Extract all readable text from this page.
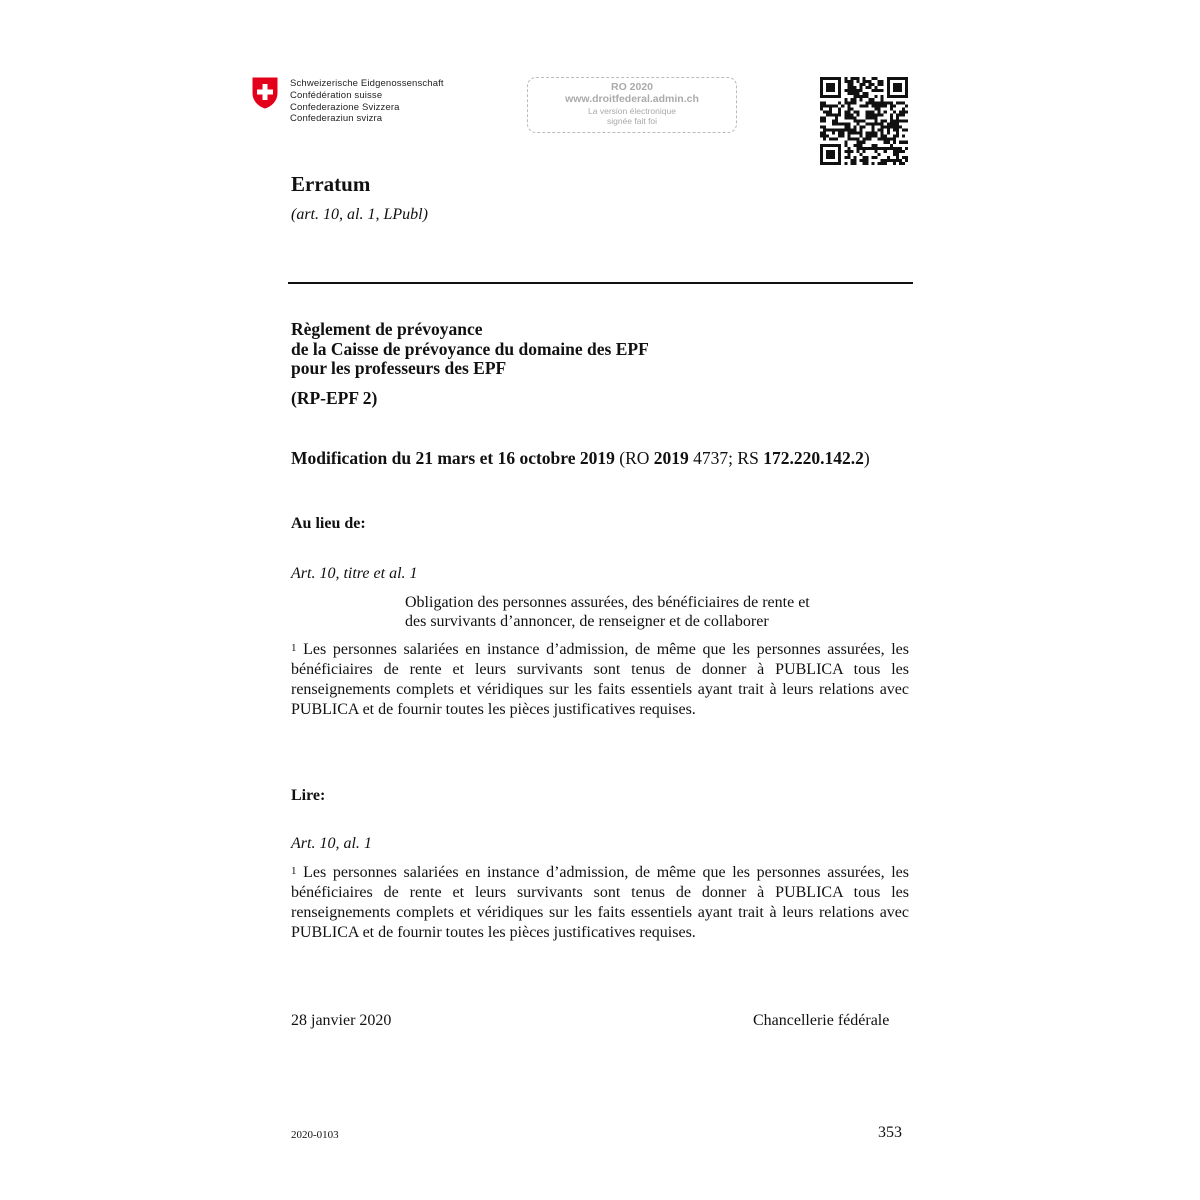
Schweizerische Eidgenossenschaft
Confédération suisse
Confederazione Svizzera
Confederaziun svizra
RO 2020
www.droitfederal.admin.ch
La version électronique
signée fait foi
Erratum
(art. 10, al. 1, LPubl)
Règlement de prévoyance
de la Caisse de prévoyance du domaine des EPF
pour les professeurs des EPF
(RP-EPF 2)
Modification du 21 mars et 16 octobre 2019 (RO 2019 4737; RS 172.220.142.2)
Au lieu de:
Art. 10, titre et al. 1
Obligation des personnes assurées, des bénéficiaires de rente et
des survivants d’annoncer, de renseigner et de collaborer
$^1$ Les personnes salariées en instance d’admission, de même que les personnes assurées, les bénéficiaires de rente et leurs survivants sont tenus de donner à PUBLICA tous les renseignements complets et véridiques sur les faits essentiels ayant trait à leurs relations avec PUBLICA et de fournir toutes les pièces justificatives requises.
Lire:
Art. 10, al. 1
$^1$ Les personnes salariées en instance d’admission, de même que les personnes assurées, les bénéficiaires de rente et leurs survivants sont tenus de donner à PUBLICA tous les renseignements complets et véridiques sur les faits essentiels ayant trait à leurs relations avec PUBLICA et de fournir toutes les pièces justificatives requises.
28 janvier 2020	Chancellerie fédérale
2020-0103	353
